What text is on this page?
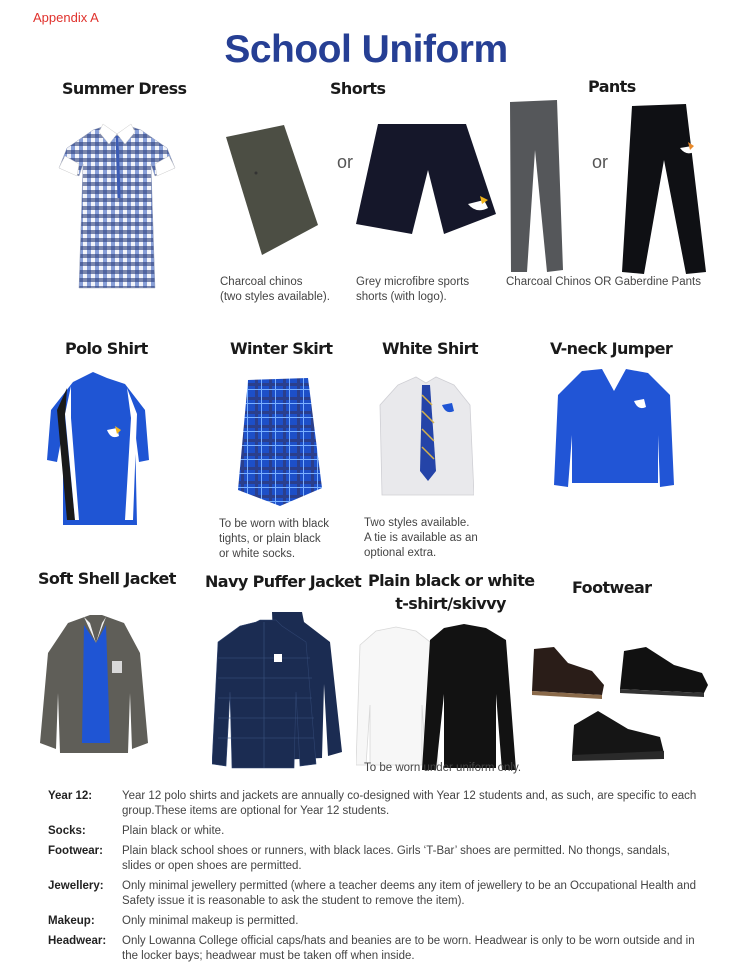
Appendix A
School Uniform
Summer Dress	Shorts	Pants
or	or
Charcoal chinos
(two styles available).
Grey microfibre sports
shorts (with logo).
Charcoal Chinos OR Gaberdine Pants
Polo Shirt	Winter Skirt	White Shirt	V-neck Jumper
To be worn with black
tights, or plain black
or white socks.
Two styles available.
A tie is available as an
optional extra.
Soft Shell Jacket Navy Puffer Jacket Plain black or white
t-shirt/skivvy
Footwear
To be worn under uniform only.
Year 12:	Year 12 polo shirts and jackets are annually co-designed with Year 12 students and, as such, are specific to each group.These items are optional for Year 12 students.
Socks:	Plain black or white.
Footwear:	Plain black school shoes or runners, with black laces. Girls ‘T-Bar’ shoes are permitted. No thongs, sandals, slides or open shoes are permitted.
Jewellery:	Only minimal jewellery permitted (where a teacher deems any item of jewellery to be an Occupational Health and Safety issue it is reasonable to ask the student to remove the item).
Makeup:	Only minimal makeup is permitted.
Headwear:	Only Lowanna College official caps/hats and beanies are to be worn. Headwear is only to be worn outside and in the locker bays; headwear must be taken off when inside.
